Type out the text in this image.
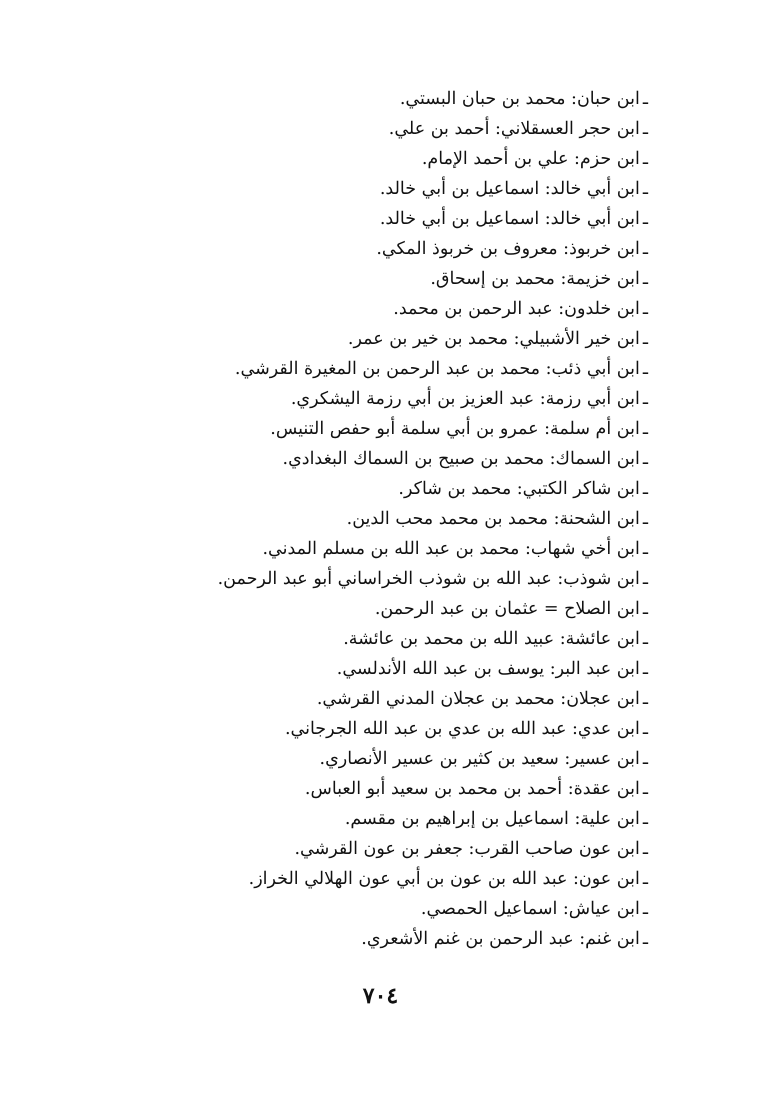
ـابن حبان: محمد بن حبان البستي.
ـابن حجر العسقلاني: أحمد بن علي.
ـابن حزم: علي بن أحمد الإمام.
ـابن أبي خالد: اسماعيل بن أبي خالد.
ـابن أبي خالد: اسماعيل بن أبي خالد.
ـابن خربوذ: معروف بن خربوذ المكي.
ـابن خزيمة: محمد بن إسحاق.
ـابن خلدون: عبد الرحمن بن محمد.
ـابن خير الأشبيلي: محمد بن خير بن عمر.
ـابن أبي ذئب: محمد بن عبد الرحمن بن المغيرة القرشي.
ـابن أبي رزمة: عبد العزيز بن أبي رزمة اليشكري.
ـابن أم سلمة: عمرو بن أبي سلمة أبو حفص التنيس.
ـابن السماك: محمد بن صبيح بن السماك البغدادي.
ـابن شاكر الكتبي: محمد بن شاكر.
ـابن الشحنة: محمد بن محمد محب الدين.
ـابن أخي شهاب: محمد بن عبد الله بن مسلم المدني.
ـابن شوذب: عبد الله بن شوذب الخراساني أبو عبد الرحمن.
ـابن الصلاح = عثمان بن عبد الرحمن.
ـابن عائشة: عبيد الله بن محمد بن عائشة.
ـابن عبد البر: يوسف بن عبد الله الأندلسي.
ـابن عجلان: محمد بن عجلان المدني القرشي.
ـابن عدي: عبد الله بن عدي بن عبد الله الجرجاني.
ـابن عسير: سعيد بن كثير بن عسير الأنصاري.
ـابن عقدة: أحمد بن محمد بن سعيد أبو العباس.
ـابن علية: اسماعيل بن إبراهيم بن مقسم.
ـابن عون صاحب القرب: جعفر بن عون القرشي.
ـابن عون: عبد الله بن عون بن أبي عون الهلالي الخراز.
ـابن عياش: اسماعيل الحمصي.
ـابن غنم: عبد الرحمن بن غنم الأشعري.
٧٠٤
